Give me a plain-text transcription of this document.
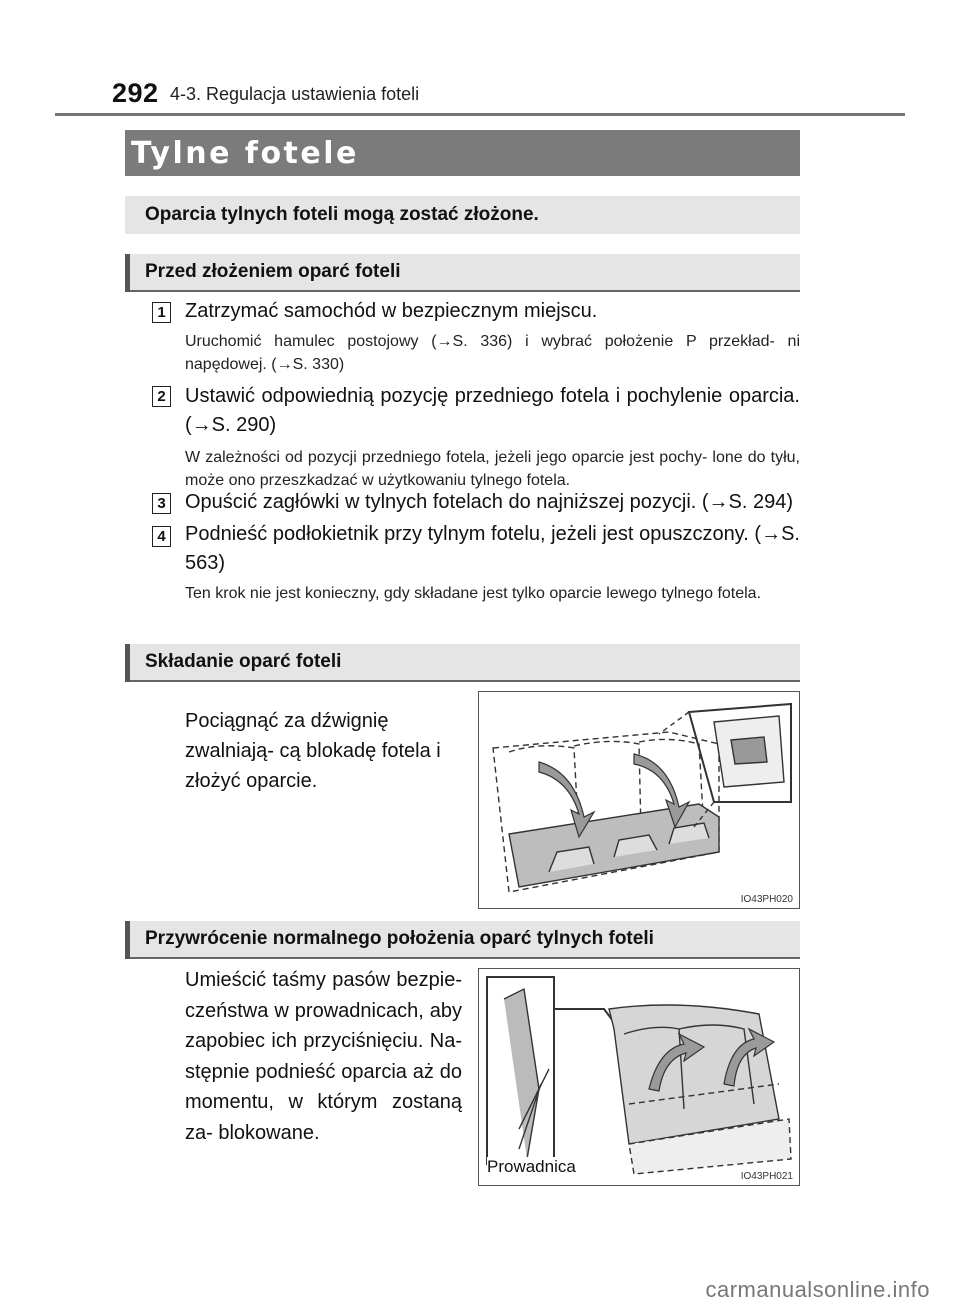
292 4-3. Regulacja ustawienia foteli
Tylne fotele
Oparcia tylnych foteli mogą zostać złożone.
Przed złożeniem oparć foteli
1 Zatrzymać samochód w bezpiecznym miejscu.
Uruchomić hamulec postojowy (→S. 336) i wybrać położenie P przekład- ni napędowej. (→S. 330)
2 Ustawić odpowiednią pozycję przedniego fotela i pochylenie oparcia. (→S. 290)
W zależności od pozycji przedniego fotela, jeżeli jego oparcie jest pochy- lone do tyłu, może ono przeszkadzać w użytkowaniu tylnego fotela.
3 Opuścić zagłówki w tylnych fotelach do najniższej pozycji. (→S. 294)
4 Podnieść podłokietnik przy tylnym fotelu, jeżeli jest opuszczony. (→S. 563)
Ten krok nie jest konieczny, gdy składane jest tylko oparcie lewego tylnego fotela.
Składanie oparć foteli
Pociągnąć za dźwignię zwalniają- cą blokadę fotela i złożyć oparcie.
IO43PH020
Przywrócenie normalnego położenia oparć tylnych foteli
Umieścić taśmy pasów bezpie- czeństwa w prowadnicach, aby zapobiec ich przyciśnięciu. Na- stępnie podnieść oparcia aż do momentu, w którym zostaną za- blokowane.
Prowadnica
IO43PH021
carmanualsonline.info
